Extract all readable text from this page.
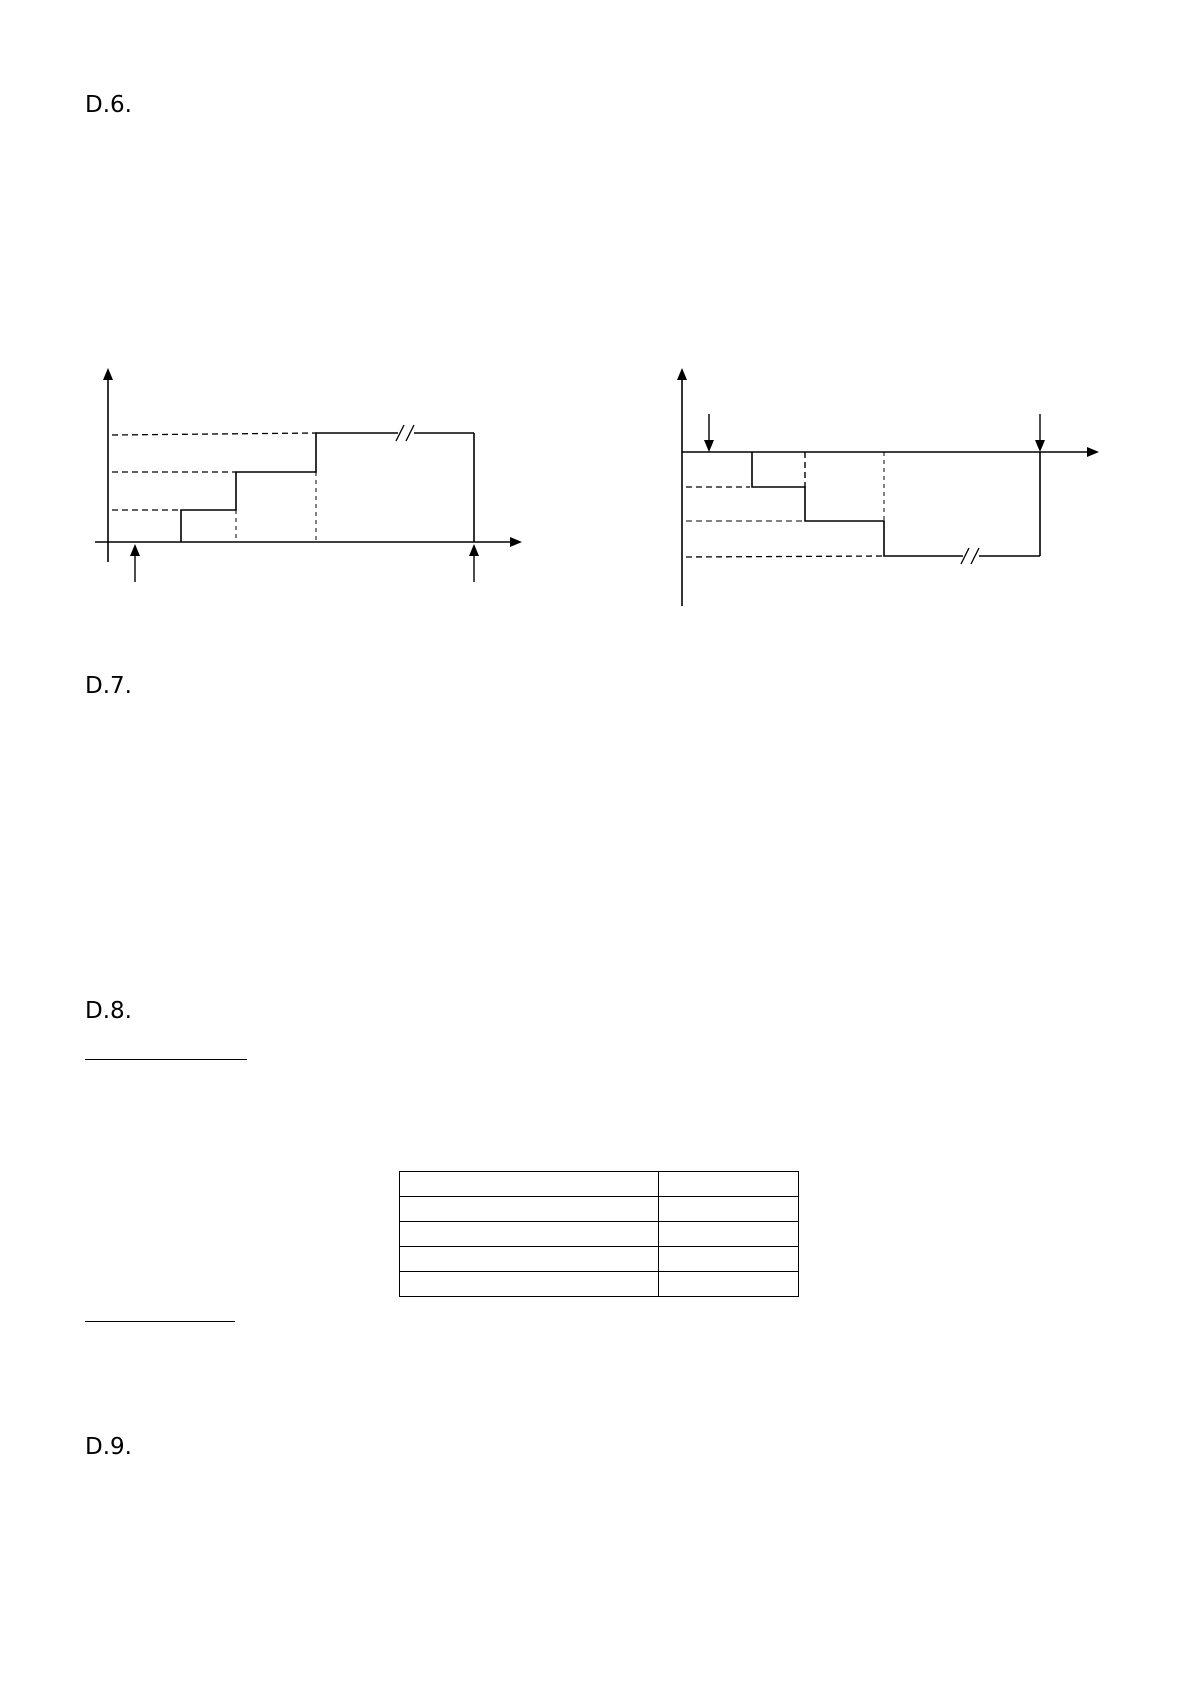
D.6.
D.7.
D.8.
D.9.
